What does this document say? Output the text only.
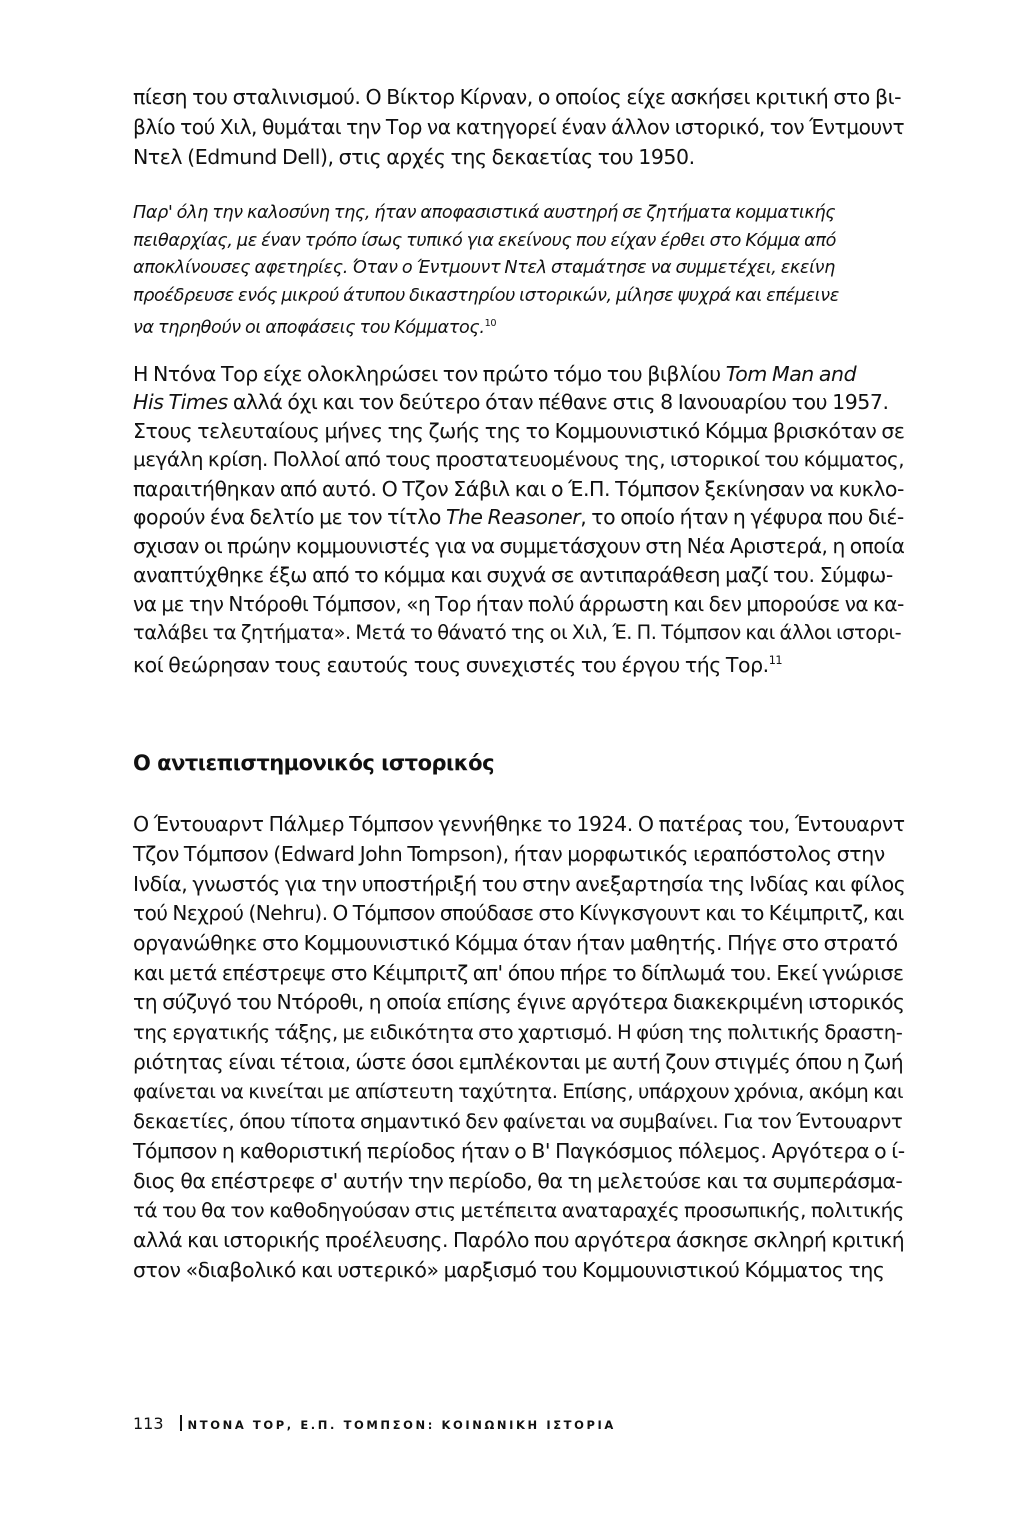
πίεση του σταλινισμού. Ο Βίκτορ Κίρναν, ο οποίος είχε ασκήσει κριτική στο βι-
βλίο τού Χιλ, θυμάται την Τορ να κατηγορεί έναν άλλον ιστορικό, τον Έντμουντ
Ντελ (Edmund Dell), στις αρχές της δεκαετίας του 1950.
Παρ' όλη την καλοσύνη της, ήταν αποφασιστικά αυστηρή σε ζητήματα κομματικής
πειθαρχίας, με έναν τρόπο ίσως τυπικό για εκείνους που είχαν έρθει στο Κόμμα από
αποκλίνουσες αφετηρίες. Όταν ο Έντμουντ Ντελ σταμάτησε να συμμετέχει, εκείνη
προέδρευσε ενός μικρού άτυπου δικαστηρίου ιστορικών, μίλησε ψυχρά και επέμεινε
να τηρηθούν οι αποφάσεις του Κόμματος.$^{10}$
Η Ντόνα Τορ είχε ολοκληρώσει τον πρώτο τόμο του βιβλίου Tom Man and
His Times αλλά όχι και τον δεύτερο όταν πέθανε στις 8 Ιανουαρίου του 1957.
Στους τελευταίους μήνες της ζωής της το Κομμουνιστικό Κόμμα βρισκόταν σε
μεγάλη κρίση. Πολλοί από τους προστατευομένους της, ιστορικοί του κόμματος,
παραιτήθηκαν από αυτό. Ο Τζον Σάβιλ και ο Έ.Π. Τόμπσον ξεκίνησαν να κυκλο-
φορούν ένα δελτίο με τον τίτλο The Reasoner, το οποίο ήταν η γέφυρα που διέ-
σχισαν οι πρώην κομμουνιστές για να συμμετάσχουν στη Νέα Αριστερά, η οποία
αναπτύχθηκε έξω από το κόμμα και συχνά σε αντιπαράθεση μαζί του. Σύμφω-
να με την Ντόροθι Τόμπσον, «η Τορ ήταν πολύ άρρωστη και δεν μπορούσε να κα-
ταλάβει τα ζητήματα». Μετά το θάνατό της οι Χιλ, Έ. Π. Τόμπσον και άλλοι ιστορι-
κοί θεώρησαν τους εαυτούς τους συνεχιστές του έργου τής Τορ.$^{11}$
Ο αντιεπιστημονικός ιστορικός
Ο Έντουαρντ Πάλμερ Τόμπσον γεννήθηκε το 1924. Ο πατέρας του, Έντουαρντ
Τζον Τόμπσον (Edward John Tompson), ήταν μορφωτικός ιεραπόστολος στην
Ινδία, γνωστός για την υποστήριξή του στην ανεξαρτησία της Ινδίας και φίλος
τού Νεχρού (Nehru). Ο Τόμπσον σπούδασε στο Κίνγκσγουντ και το Κέιμπριτζ, και
οργανώθηκε στο Κομμουνιστικό Κόμμα όταν ήταν μαθητής. Πήγε στο στρατό
και μετά επέστρεψε στο Κέιμπριτζ απ' όπου πήρε το δίπλωμά του. Εκεί γνώρισε
τη σύζυγό του Ντόροθι, η οποία επίσης έγινε αργότερα διακεκριμένη ιστορικός
της εργατικής τάξης, με ειδικότητα στο χαρτισμό. Η φύση της πολιτικής δραστη-
ριότητας είναι τέτοια, ώστε όσοι εμπλέκονται με αυτή ζουν στιγμές όπου η ζωή
φαίνεται να κινείται με απίστευτη ταχύτητα. Επίσης, υπάρχουν χρόνια, ακόμη και
δεκαετίες, όπου τίποτα σημαντικό δεν φαίνεται να συμβαίνει. Για τον Έντουαρντ
Τόμπσον η καθοριστική περίοδος ήταν ο Β' Παγκόσμιος πόλεμος. Αργότερα ο ί-
διος θα επέστρεφε σ' αυτήν την περίοδο, θα τη μελετούσε και τα συμπεράσμα-
τά του θα τον καθοδηγούσαν στις μετέπειτα αναταραχές προσωπικής, πολιτικής
αλλά και ιστορικής προέλευσης. Παρόλο που αργότερα άσκησε σκληρή κριτική
στον «διαβολικό και υστερικό» μαρξισμό του Κομμουνιστικού Κόμματος της
113 ΝΤΟΝΑ ΤΟΡ, Ε.Π. ΤΟΜΠΣΟΝ: ΚΟΙΝΩΝΙΚΗ ΙΣΤΟΡΙΑ
